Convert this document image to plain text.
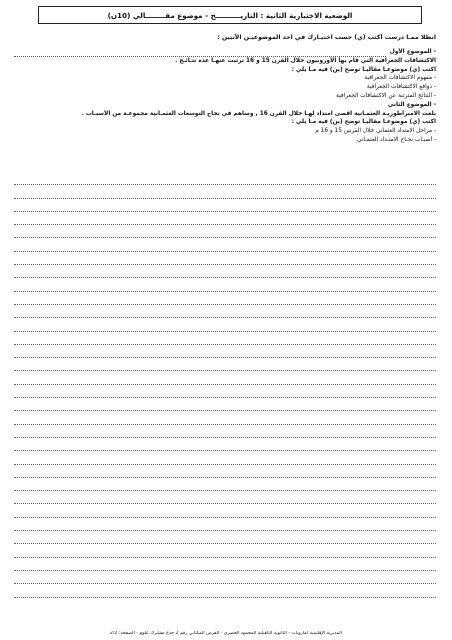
الوضعية الاختبارية الثانية : التاريــــــــــخ - موضوع مقــــــــالي (10ن)
انطلا ممـا درست أكتب (ي) حسب اختيـارك في احد الموضوعيـن الآتيين :
- الموضوع الأول
الاكتشافات الجغرافية التي قام بها الأوروبيون خلال القرن 15 و 16 ترتبت عنهـا عدة نتـائـج .
اكتب (ي) موضوعـا مقاليـا توضح (ين) فيه مـا يلي :
- مفهوم الاكتشافات الجغرافية
- دوافع الاكتشافات الجغرافية
- النتائج المترتبة عن الاكتشافات الجغرافية
- الموضوع الثاني
بلغت الامبراطوريـة العثمـانية اقصى امتداد لهـا خلال القرن 16 , وساهم في نجاح التوسعات العثمـانية مجموعـة من الأسبـاب .
اكتب (ي) موضوعـا مقاليـا توضح (ين) فيه مـا يلي :
- مراحل الامتداد العثماني خلال القرنين 15 و 16 م
- أسبـاب نجـاح الامتـداد العثمـاني
المديرية الإقليمية لمارويات - الثانوية التأهيلية المحمود الحصري - الفرض المكتابي رقم 2 جذع مشترك علوم - الصفحة: 2/2
